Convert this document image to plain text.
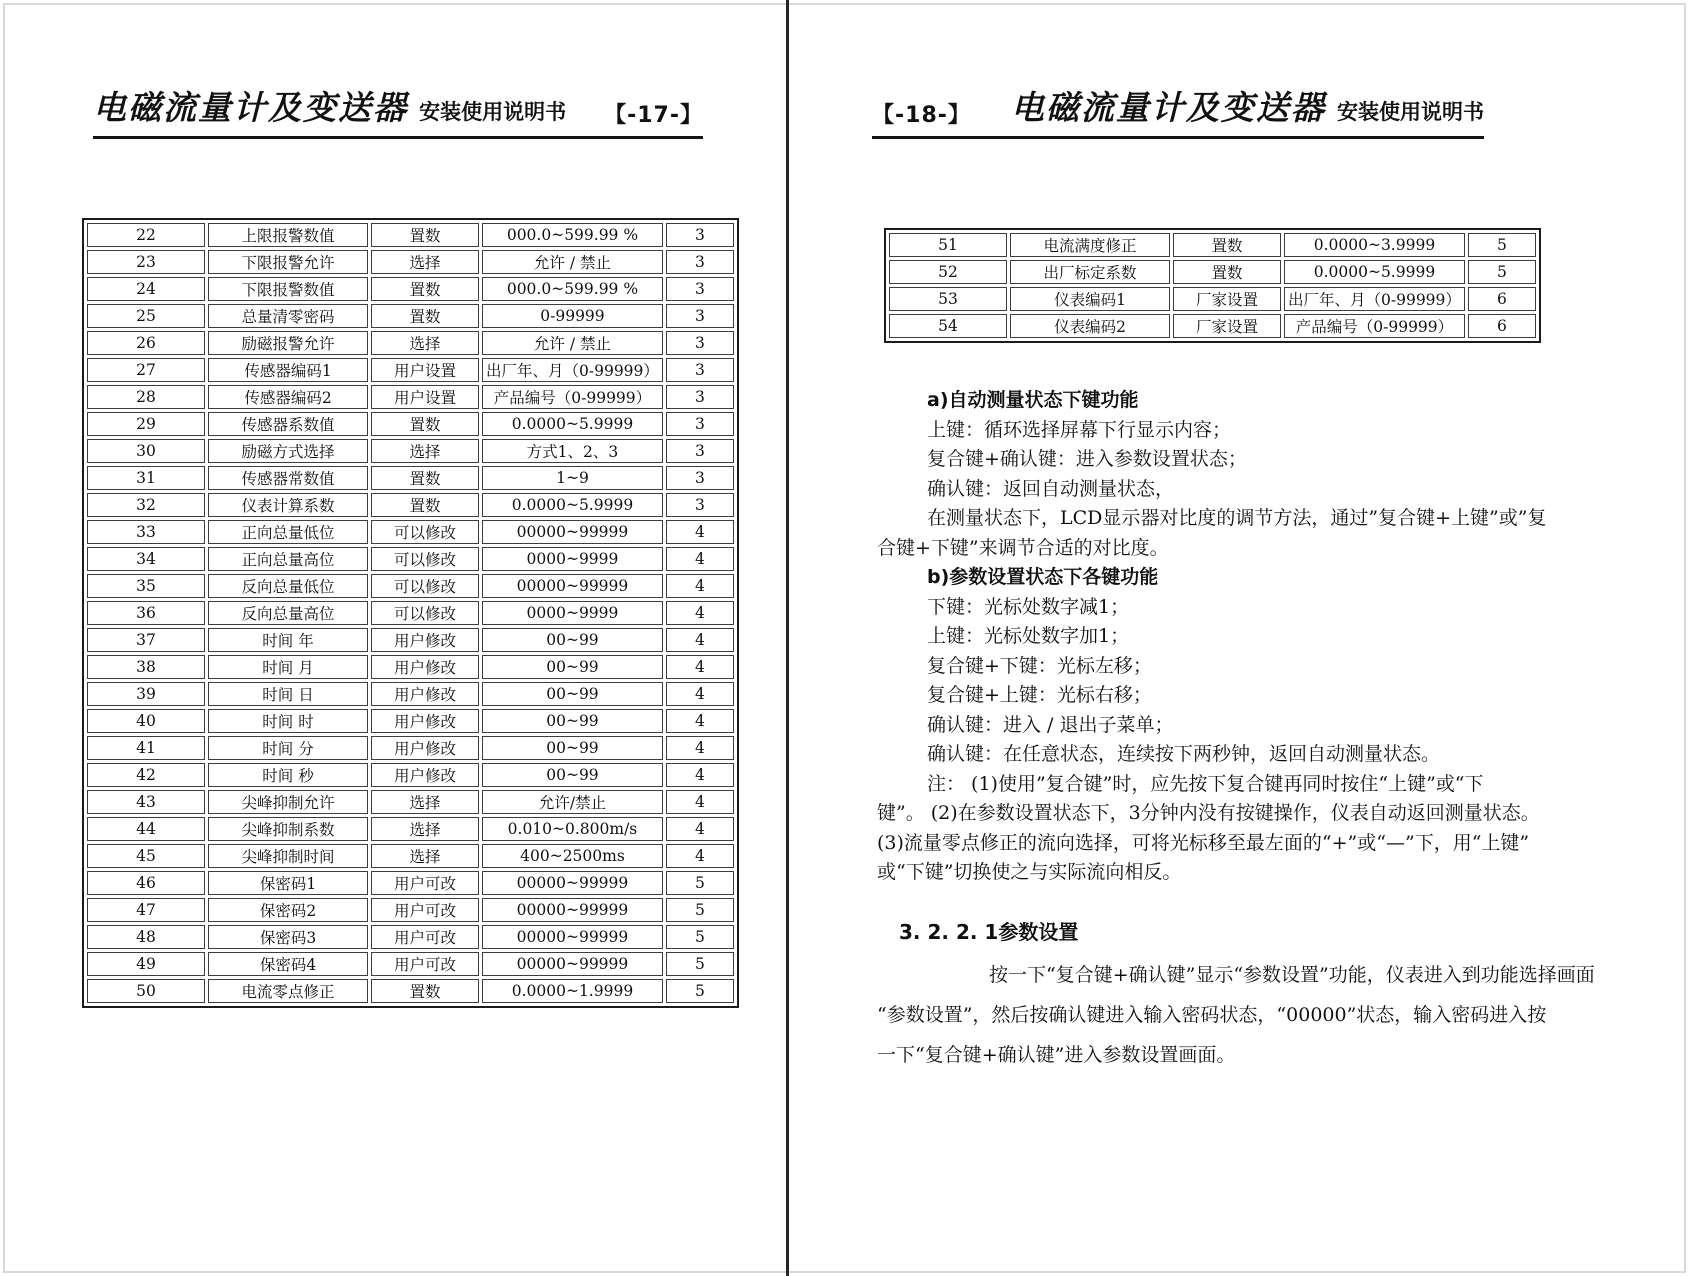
电磁流量计及变送器 安装使用说明书 【-17-】
22	上限报警数值	置数	000.0~599.99 %	3
23	下限报警允许	选择	允许 / 禁止	3
24	下限报警数值	置数	000.0~599.99 %	3
25	总量清零密码	置数	0-99999	3
26	励磁报警允许	选择	允许 / 禁止	3
27	传感器编码1	用户设置	出厂年、月（0-99999）	3
28	传感器编码2	用户设置	产品编号（0-99999）	3
29	传感器系数值	置数	0.0000~5.9999	3
30	励磁方式选择	选择	方式1、2、3	3
31	传感器常数值	置数	1~9	3
32	仪表计算系数	置数	0.0000~5.9999	3
33	正向总量低位	可以修改	00000~99999	4
34	正向总量高位	可以修改	0000~9999	4
35	反向总量低位	可以修改	00000~99999	4
36	反向总量高位	可以修改	0000~9999	4
37	时间 年	用户修改	00~99	4
38	时间 月	用户修改	00~99	4
39	时间 日	用户修改	00~99	4
40	时间 时	用户修改	00~99	4
41	时间 分	用户修改	00~99	4
42	时间 秒	用户修改	00~99	4
43	尖峰抑制允许	选择	允许/禁止	4
44	尖峰抑制系数	选择	0.010~0.800m/s	4
45	尖峰抑制时间	选择	400~2500ms	4
46	保密码1	用户可改	00000~99999	5
47	保密码2	用户可改	00000~99999	5
48	保密码3	用户可改	00000~99999	5
49	保密码4	用户可改	00000~99999	5
50	电流零点修正	置数	0.0000~1.9999	5
【-18-】 电磁流量计及变送器 安装使用说明书
51	电流满度修正	置数	0.0000~3.9999	5
52	出厂标定系数	置数	0.0000~5.9999	5
53	仪表编码1	厂家设置	出厂年、月（0-99999）	6
54	仪表编码2	厂家设置	产品编号（0-99999）	6
a)自动测量状态下键功能
上键：循环选择屏幕下行显示内容；
复合键+确认键：进入参数设置状态；
确认键：返回自动测量状态，
在测量状态下，LCD显示器对比度的调节方法，通过”复合键+上键”或”复
合键+下键”来调节合适的对比度。
b)参数设置状态下各键功能
下键：光标处数字减1；
上键：光标处数字加1；
复合键+下键：光标左移；
复合键+上键：光标右移；
确认键：进入 / 退出子菜单；
确认键：在任意状态，连续按下两秒钟，返回自动测量状态。
注： (1)使用”复合键”时，应先按下复合键再同时按住“上键”或“下
键”。 (2)在参数设置状态下，3分钟内没有按键操作，仪表自动返回测量状态。
(3)流量零点修正的流向选择，可将光标移至最左面的“+”或“—”下，用“上键”
或“下键”切换使之与实际流向相反。
3. 2. 2. 1参数设置
按一下“复合键+确认键”显示“参数设置”功能，仪表进入到功能选择画面
“参数设置”，然后按确认键进入输入密码状态，“00000”状态，输入密码进入按
一下“复合键+确认键”进入参数设置画面。
